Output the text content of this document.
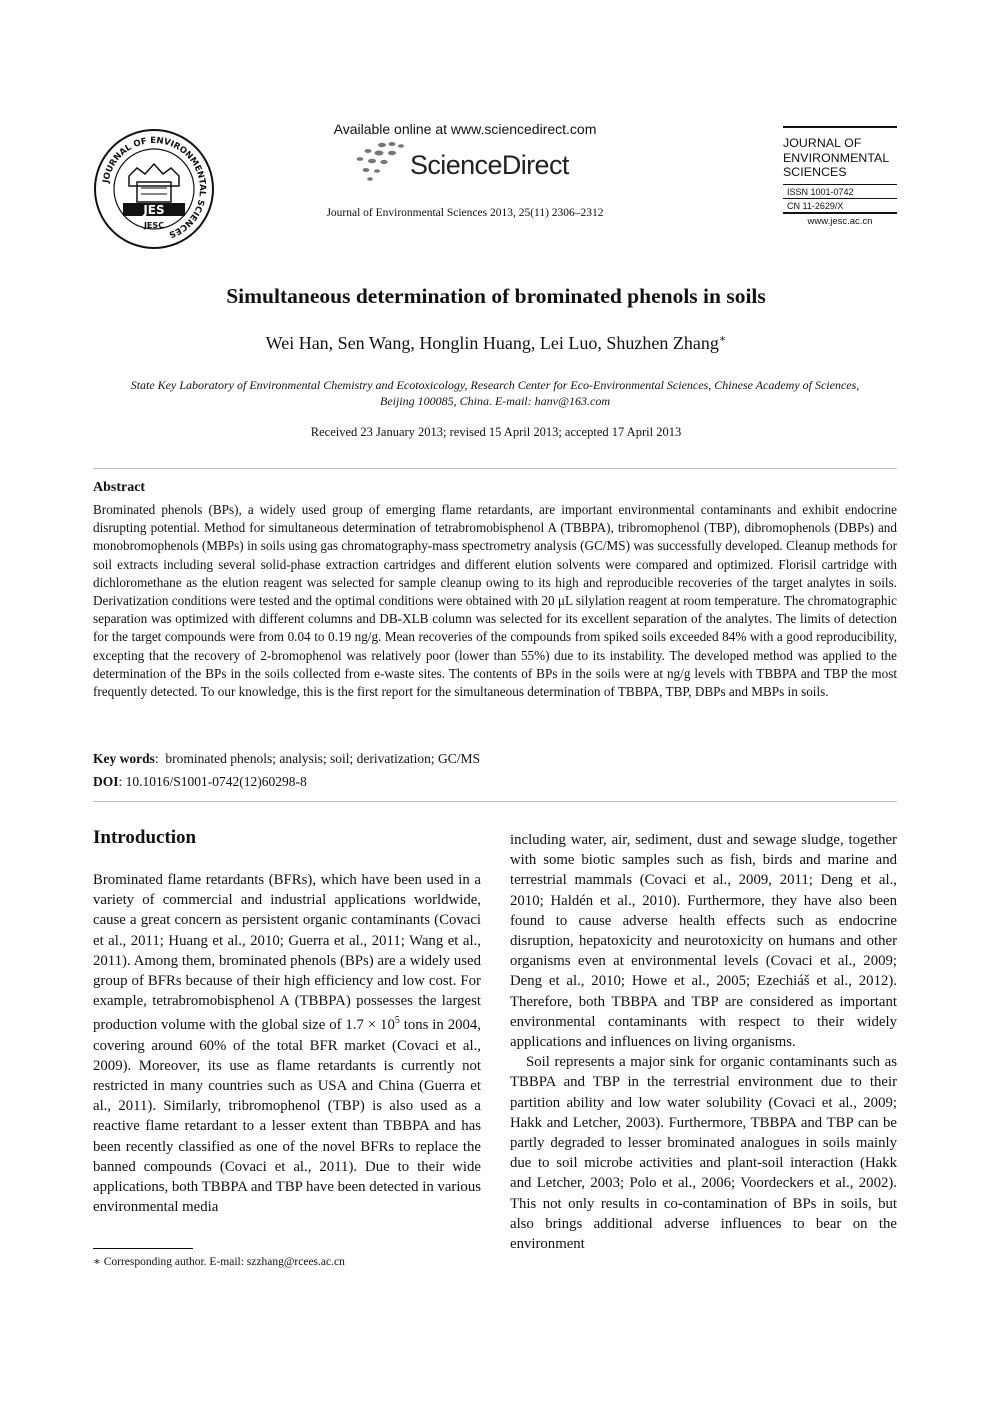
JOURNAL OF ENVIRONMENTAL SCIENCES
JES
JESC
Available online at www.sciencedirect.com
ScienceDirect
Journal of Environmental Sciences 2013, 25(11) 2306–2312
JOURNAL OF
ENVIRONMENTAL
SCIENCES
ISSN 1001-0742
CN 11-2629/X
www.jesc.ac.cn
Simultaneous determination of brominated phenols in soils
Wei Han, Sen Wang, Honglin Huang, Lei Luo, Shuzhen Zhang∗
State Key Laboratory of Environmental Chemistry and Ecotoxicology, Research Center for Eco-Environmental Sciences, Chinese Academy of Sciences,
Beijing 100085, China. E-mail: hanv@163.com
Received 23 January 2013; revised 15 April 2013; accepted 17 April 2013
Abstract
Brominated phenols (BPs), a widely used group of emerging flame retardants, are important environmental contaminants and exhibit endocrine disrupting potential. Method for simultaneous determination of tetrabromobisphenol A (TBBPA), tribromophenol (TBP), dibromophenols (DBPs) and monobromophenols (MBPs) in soils using gas chromatography-mass spectrometry analysis (GC/MS) was successfully developed. Cleanup methods for soil extracts including several solid-phase extraction cartridges and different elution solvents were compared and optimized. Florisil cartridge with dichloromethane as the elution reagent was selected for sample cleanup owing to its high and reproducible recoveries of the target analytes in soils. Derivatization conditions were tested and the optimal conditions were obtained with 20 μL silylation reagent at room temperature. The chromatographic separation was optimized with different columns and DB-XLB column was selected for its excellent separation of the analytes. The limits of detection for the target compounds were from 0.04 to 0.19 ng/g. Mean recoveries of the compounds from spiked soils exceeded 84% with a good reproducibility, excepting that the recovery of 2-bromophenol was relatively poor (lower than 55%) due to its instability. The developed method was applied to the determination of the BPs in the soils collected from e-waste sites. The contents of BPs in the soils were at ng/g levels with TBBPA and TBP the most frequently detected. To our knowledge, this is the first report for the simultaneous determination of TBBPA, TBP, DBPs and MBPs in soils.
Key words:  brominated phenols; analysis; soil; derivatization; GC/MS
DOI: 10.1016/S1001-0742(12)60298-8
Introduction

Brominated flame retardants (BFRs), which have been used in a variety of commercial and industrial applications worldwide, cause a great concern as persistent organic contaminants (Covaci et al., 2011; Huang et al., 2010; Guerra et al., 2011; Wang et al., 2011). Among them, brominated phenols (BPs) are a widely used group of BFRs because of their high efficiency and low cost. For example, tetrabromobisphenol A (TBBPA) possesses the largest production volume with the global size of $1.7 \times 10^5$ tons in 2004, covering around 60% of the total BFR market (Covaci et al., 2009). Moreover, its use as flame retardants is currently not restricted in many countries such as USA and China (Guerra et al., 2011). Similarly, tribromophenol (TBP) is also used as a reactive flame retardant to a lesser extent than TBBPA and has been recently classified as one of the novel BFRs to replace the banned compounds (Covaci et al., 2011). Due to their wide applications, both TBBPA and TBP have been detected in various environmental media

including water, air, sediment, dust and sewage sludge, together with some biotic samples such as fish, birds and marine and terrestrial mammals (Covaci et al., 2009, 2011; Deng et al., 2010; Haldén et al., 2010). Furthermore, they have also been found to cause adverse health effects such as endocrine disruption, hepatoxicity and neurotoxicity on humans and other organisms even at environmental levels (Covaci et al., 2009; Deng et al., 2010; Howe et al., 2005; Ezechiáš et al., 2012). Therefore, both TBBPA and TBP are considered as important environmental contaminants with respect to their widely applications and influences on living organisms.

Soil represents a major sink for organic contaminants such as TBBPA and TBP in the terrestrial environment due to their partition ability and low water solubility (Covaci et al., 2009; Hakk and Letcher, 2003). Furthermore, TBBPA and TBP can be partly degraded to lesser brominated analogues in soils mainly due to soil microbe activities and plant-soil interaction (Hakk and Letcher, 2003; Polo et al., 2006; Voordeckers et al., 2002). This not only results in co-contamination of BPs in soils, but also brings additional adverse influences to bear on the environment

∗ Corresponding author. E-mail: szzhang@rcees.ac.cn
